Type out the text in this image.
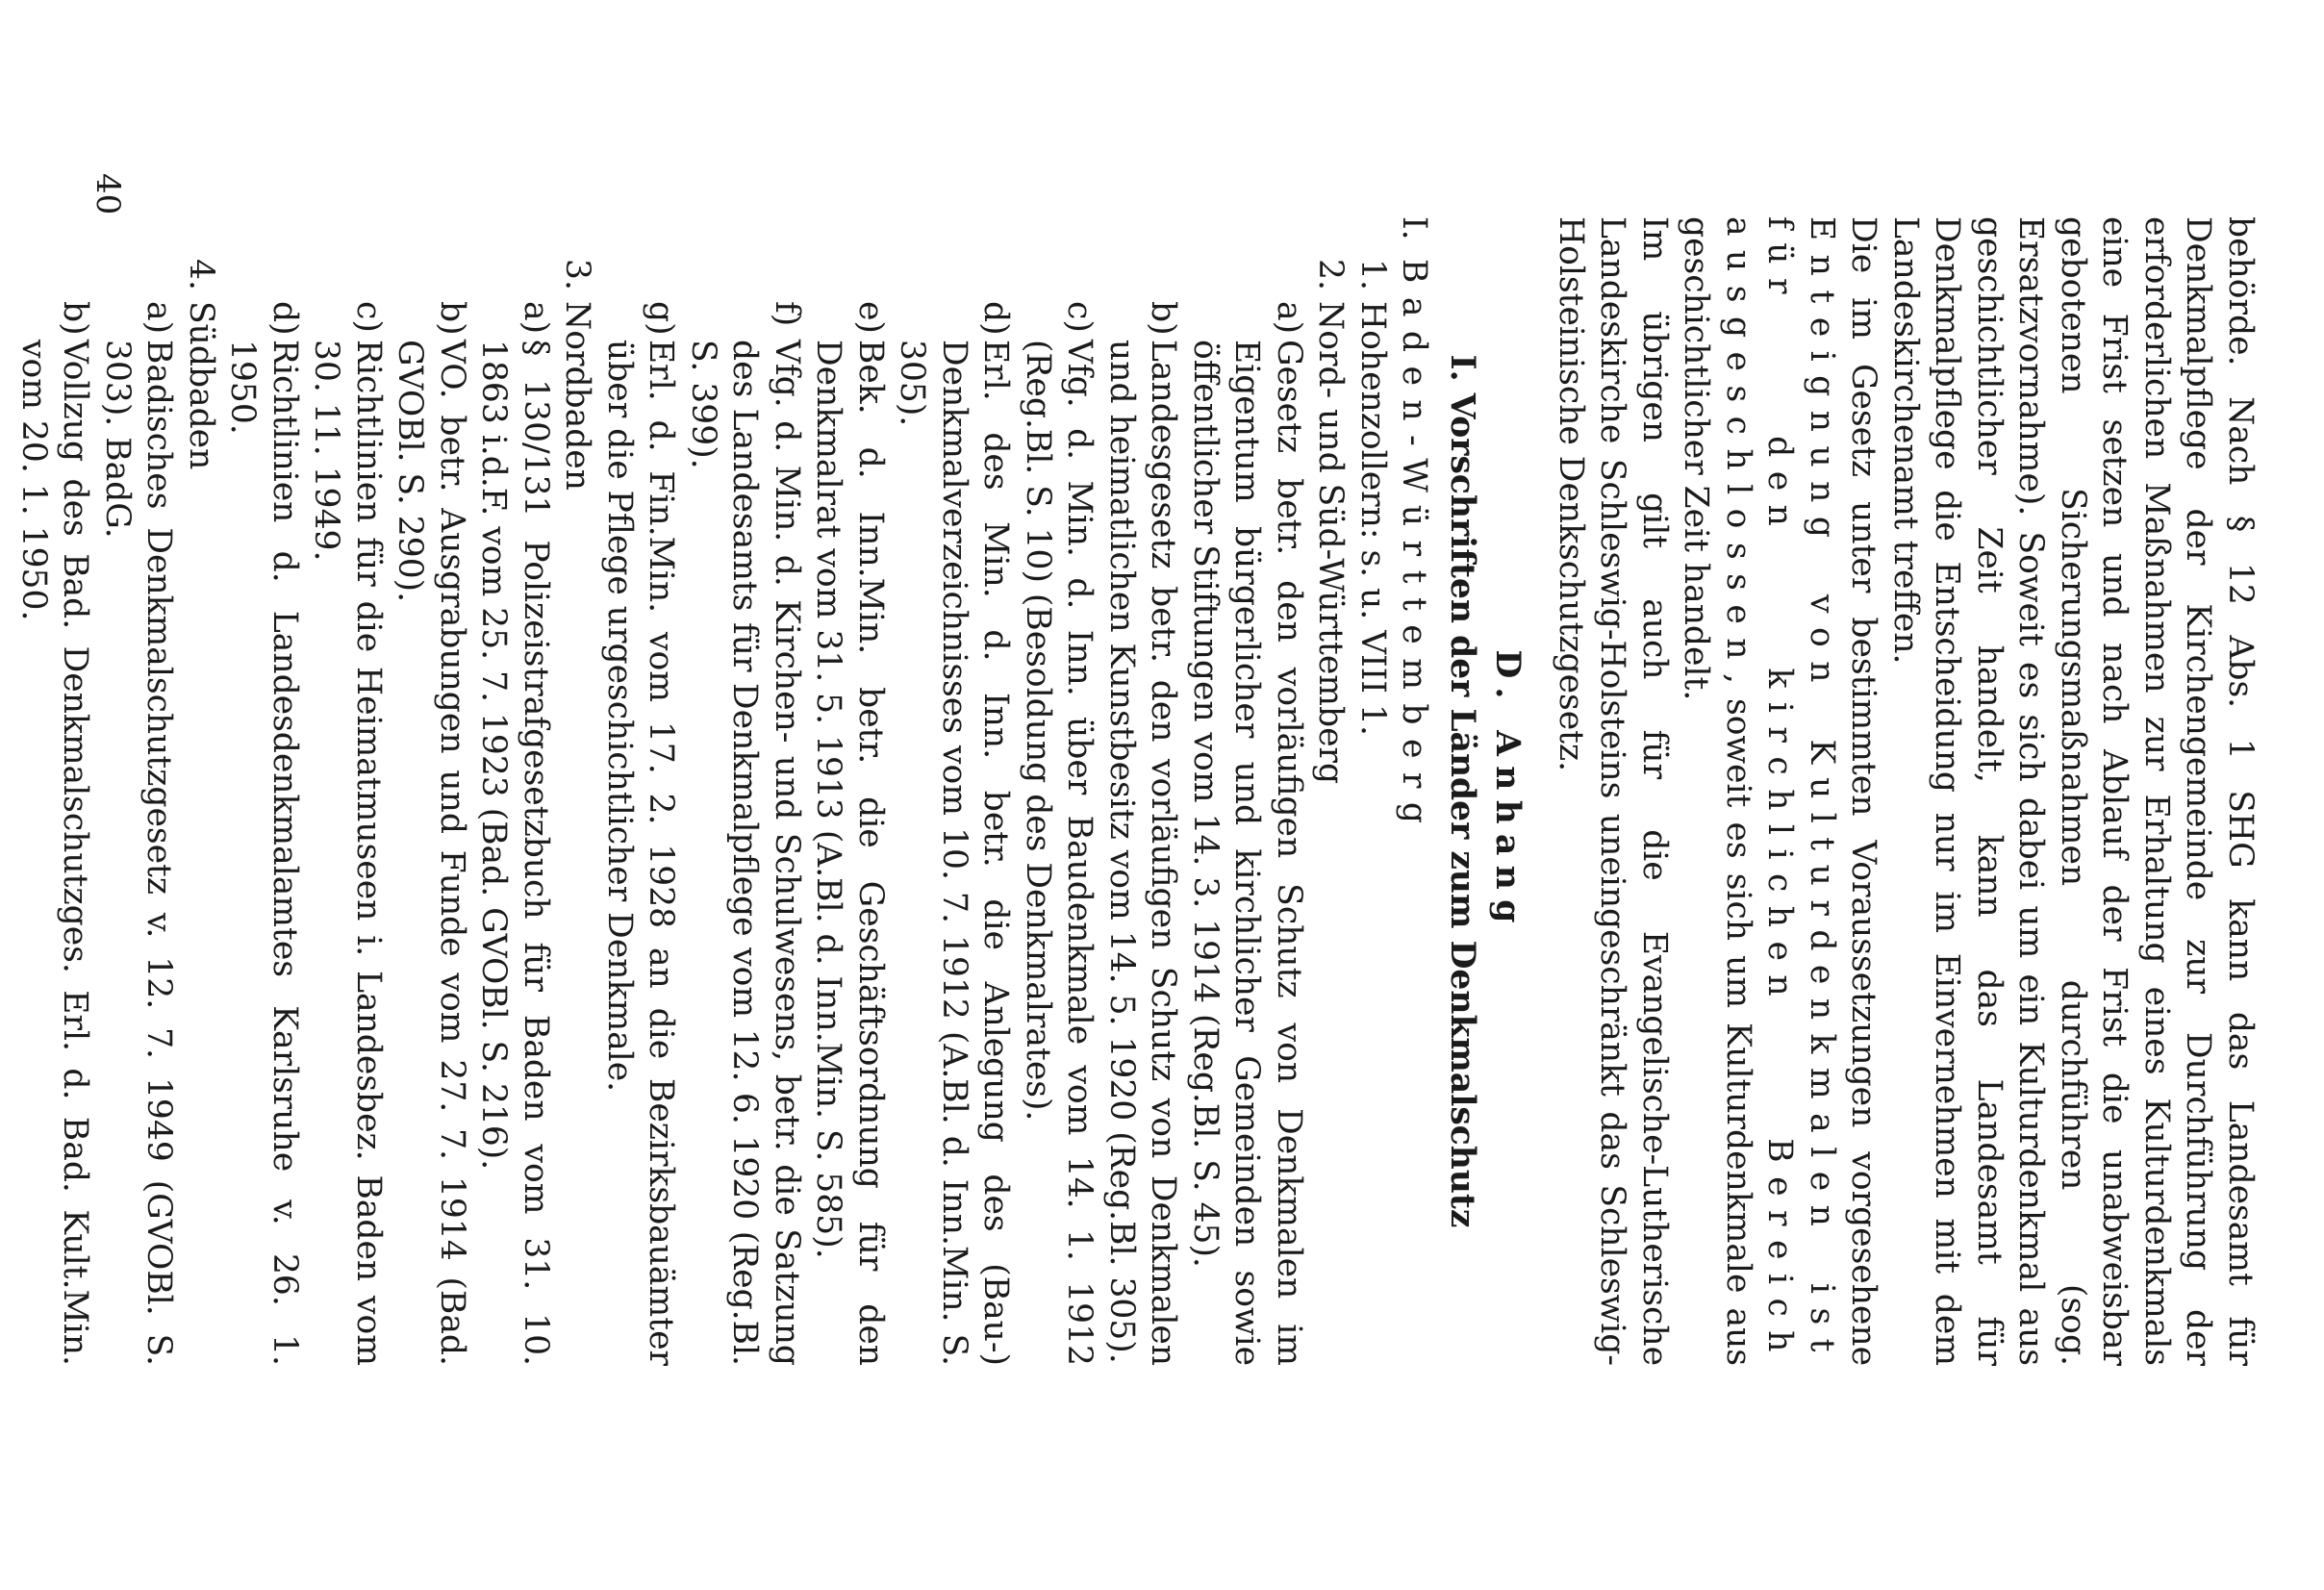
40

behörde. Nach § 12 Abs. 1 SHG kann das Landesamt für Denkmalpflege der Kirchengemeinde zur Durchführung der erforderlichen Maßnahmen zur Erhaltung eines Kulturdenkmals eine Frist setzen und nach Ablauf der Frist die unabweisbar gebotenen Sicherungsmaßnahmen durchführen (sog. Ersatzvornahme). Soweit es sich dabei um ein Kulturdenkmal aus geschichtlicher Zeit handelt, kann das Landesamt für Denkmalpflege die Entscheidung nur im Einvernehmen mit dem Landeskirchenamt treffen.

Die im Gesetz unter bestimmten Voraussetzungen vorgesehene Enteignung von Kulturdenkmalen ist für den kirchlichen Bereich ausgeschlossen, soweit es sich um Kulturdenkmale aus geschichtlicher Zeit handelt.

Im übrigen gilt auch für die Evangelische-Lutherische Landeskirche Schleswig-Holsteins uneingeschränkt das Schleswig-Holsteinische Denkschutzgesetz.

D. Anhang

I. Vorschriften der Länder zum Denkmalschutz

I.
Baden-Württemberg
1.
Hohenzollern: s. u. VIII 1.
2.
Nord- und Süd-Württemberg
a)
Gesetz betr. den vorläufigen Schutz von Denkmalen im Eigentum bürgerlicher und kirchlicher Gemeinden sowie öffentlicher Stiftungen vom 14. 3. 1914 (Reg.Bl. S. 45).
b)
Landesgesetz betr. den vorläufigen Schutz von Denkmalen und heimatlichen Kunstbesitz vom 14. 5. 1920 (Reg.Bl. 305).
c)
Vfg. d. Min. d. Inn. über Baudenkmale vom 14. 1. 1912 (Reg.Bl. S. 10) (Besoldung des Denkmalrates).
d)
Erl. des Min. d. Inn. betr. die Anlegung des (Bau-) Denkmalverzeichnisses vom 10. 7. 1912 (A.Bl. d. Inn.Min. S. 305).
e)
Bek. d. Inn.Min. betr. die Geschäftsordnung für den Denkmalrat vom 31. 5. 1913 (A.Bl. d. Inn.Min. S. 585).
f)
Vfg. d. Min. d. Kirchen- und Schulwesens, betr. die Satzung des Landesamts für Denkmalpflege vom 12. 6. 1920 (Reg.Bl. S. 399).
g)
Erl. d. Fin.Min. vom 17. 2. 1928 an die Bezirksbauämter über die Pflege urgeschichtlicher Denkmale.
3.
Nordbaden
a)
§ 130/131 Polizeistrafgesetzbuch für Baden vom 31. 10. 1863 i.d.F. vom 25. 7. 1923 (Bad. GVOBl. S. 216).
b)
VO. betr. Ausgrabungen und Funde vom 27. 7. 1914 (Bad. GVOBl. S. 290).
c)
Richtlinien für die Heimatmuseen i. Landesbez. Baden vom 30. 11. 1949.
d)
Richtlinien d. Landesdenkmalamtes Karlsruhe v. 26. 1. 1950.
4.
Südbaden
a)
Badisches Denkmalschutzgesetz v. 12. 7. 1949 (GVOBl. S. 303). BadG.
b)
Vollzug des Bad. Denkmalschutzges. Erl. d. Bad. Kult.Min. vom 20. 1. 1950.
